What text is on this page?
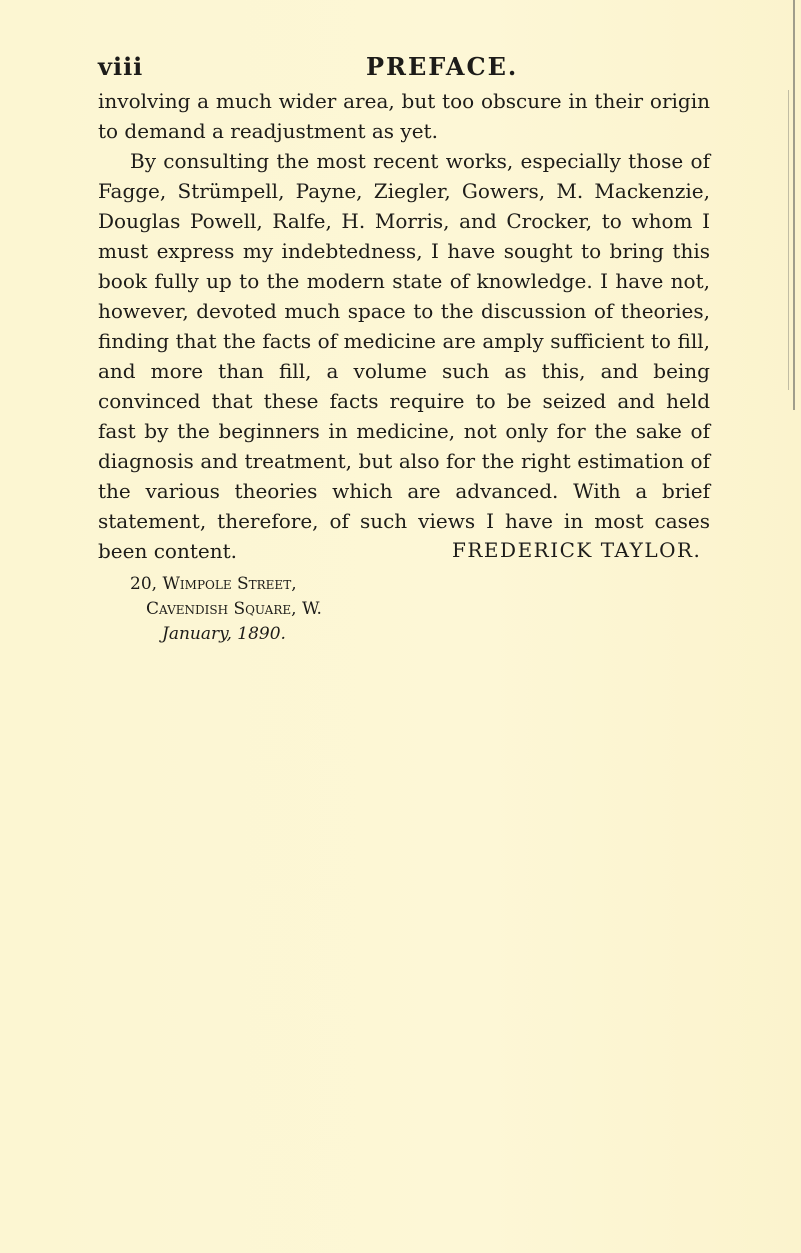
viii	PREFACE.

involving a much wider area, but too obscure in their origin to demand a readjustment as yet.

By consulting the most recent works, especially those of Fagge, Strümpell, Payne, Ziegler, Gowers, M. Mackenzie, Douglas Powell, Ralfe, H. Morris, and Crocker, to whom I must express my indebtedness, I have sought to bring this book fully up to the modern state of knowledge. I have not, however, devoted much space to the discussion of theories, finding that the facts of medicine are amply sufficient to fill, and more than fill, a volume such as this, and being convinced that these facts require to be seized and held fast by the beginners in medicine, not only for the sake of diagnosis and treatment, but also for the right estimation of the various theories which are advanced. With a brief statement, therefore, of such views I have in most cases been content.	FREDERICK TAYLOR.
20, Wimpole Street,
Cavendish Square, W.
January, 1890.
